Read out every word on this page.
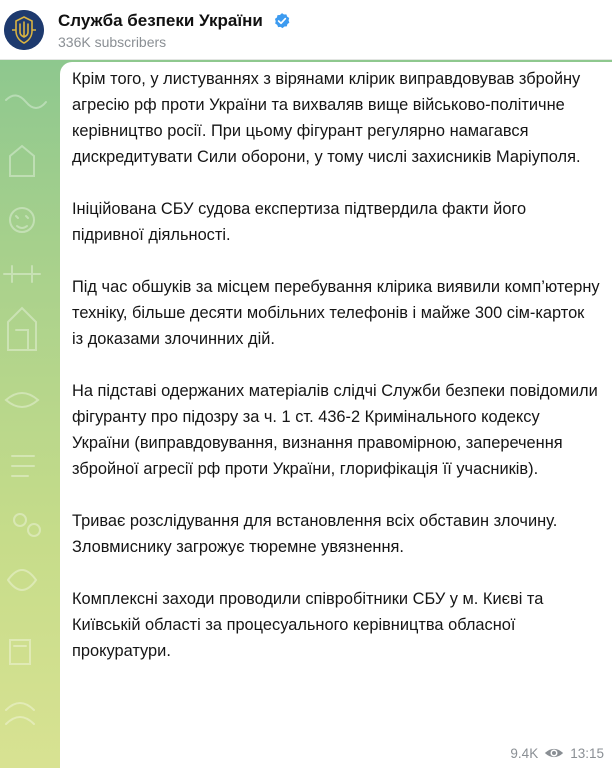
Служба безпеки України
336K subscribers

Крім того, у листуваннях з вірянами клірик виправдовував збройну агресію рф проти України та вихваляв вище військово-політичне керівництво росії. При цьому фігурант регулярно намагався дискредитувати Сили оборони, у тому числі захисників Маріуполя.

Ініційована СБУ судова експертиза підтвердила факти його підривної діяльності.

Під час обшуків за місцем перебування клірика виявили комп’ютерну техніку, більше десяти мобільних телефонів і майже 300 сім-карток із доказами злочинних дій.

На підставі одержаних матеріалів слідчі Служби безпеки повідомили фігуранту про підозру за ч. 1 ст. 436-2 Кримінального кодексу України (виправдовування, визнання правомірною, заперечення збройної агресії рф проти України, глорифікація її учасників).

Триває розслідування для встановлення всіх обставин злочину. Зловмиснику загрожує тюремне увязнення.

Комплексні заходи проводили співробітники СБУ у м. Києві та Київській області за процесуального керівництва обласної прокуратури.

9.4K 13:15
